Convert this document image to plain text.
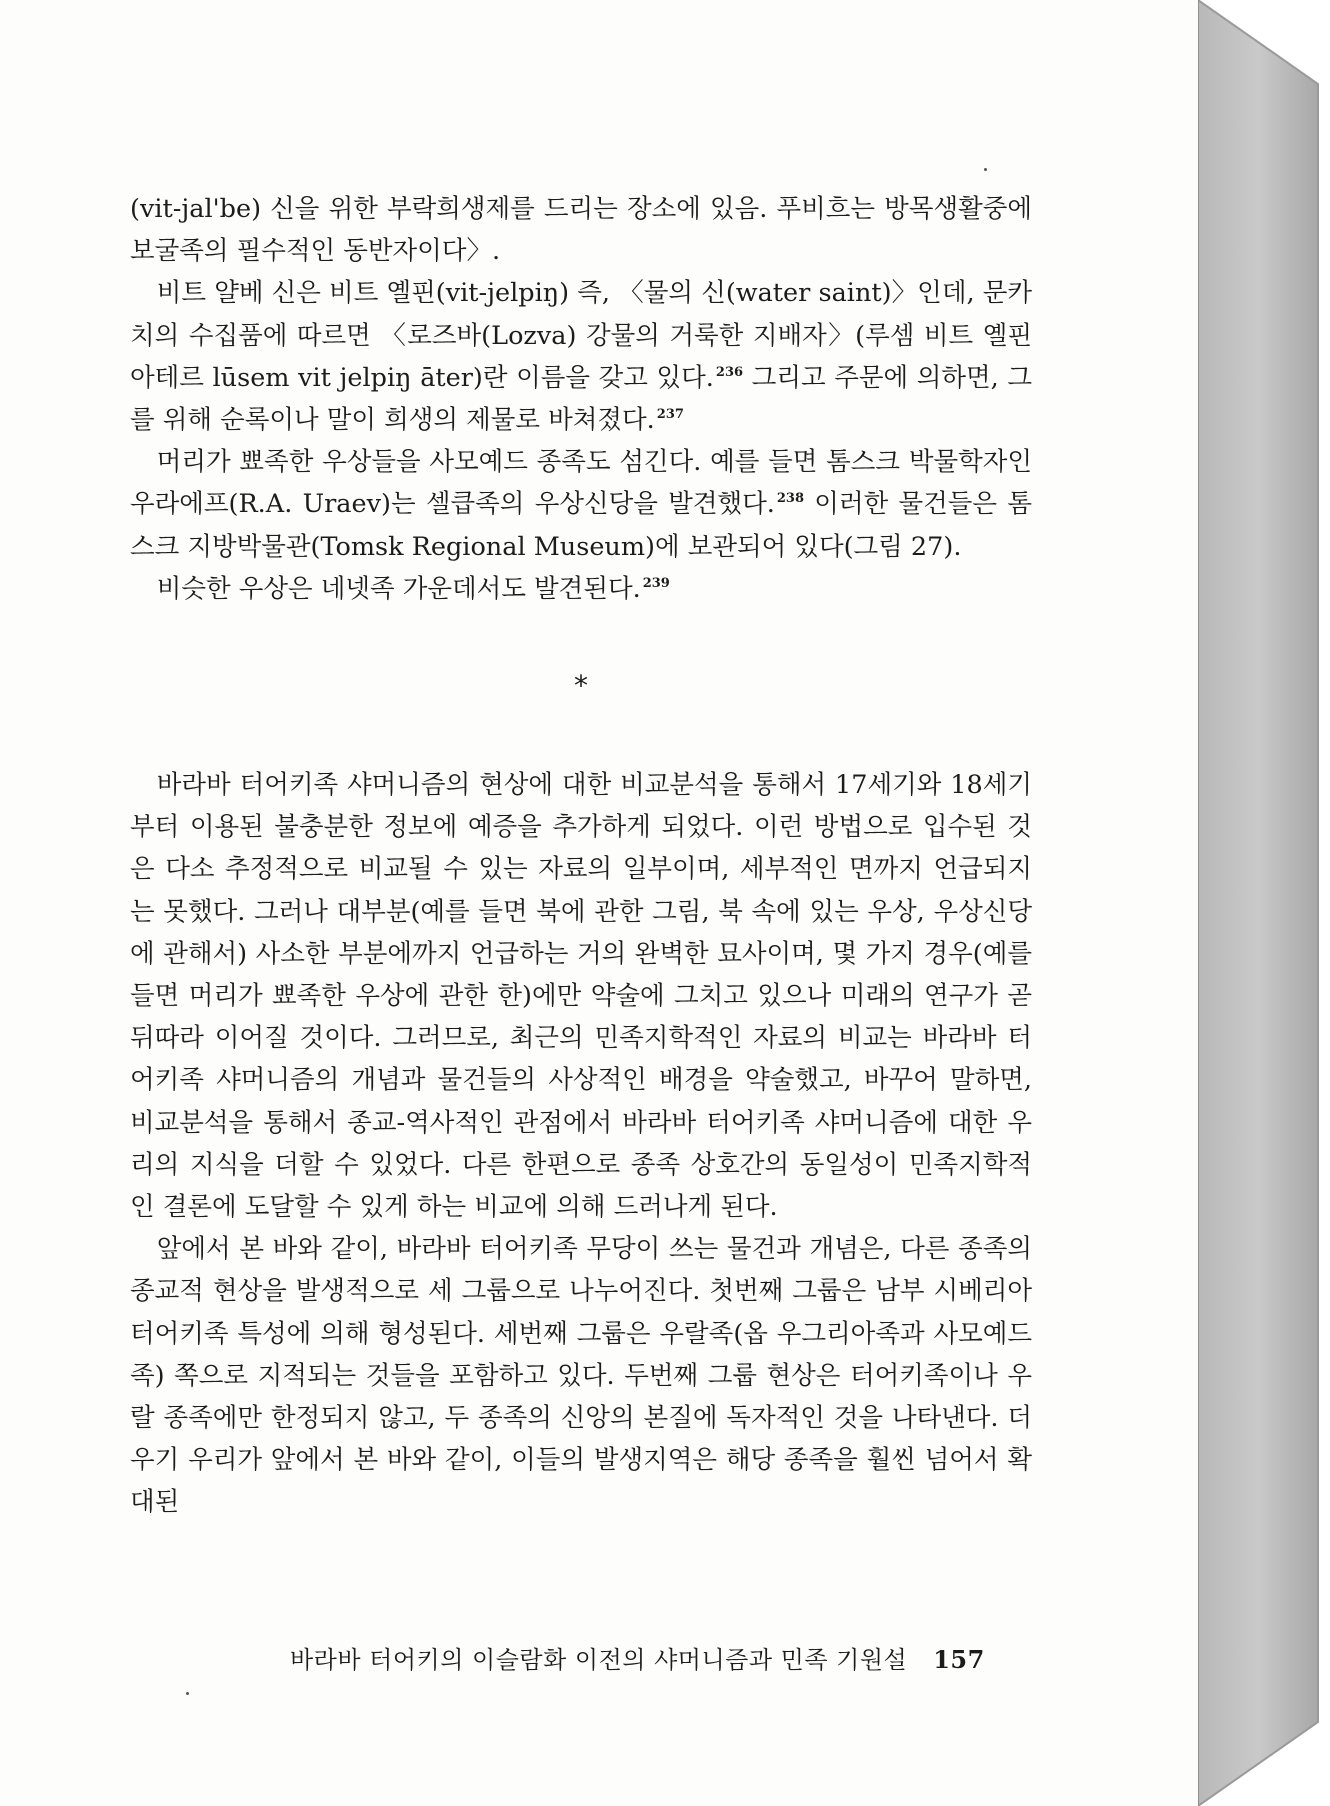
(vit-jal'be) 신을 위한 부락희생제를 드리는 장소에 있음. 푸비흐는 방목생활중에 보굴족의 필수적인 동반자이다〉.

비트 얄베 신은 비트 옐핀(vit-jelpiŋ) 즉, 〈물의 신(water saint)〉인데, 문카치의 수집품에 따르면 〈로즈바(Lozva) 강물의 거룩한 지배자〉(루셈 비트 옐핀 아테르 lūsem vit jelpiŋ āter)란 이름을 갖고 있다. $^{236}$ 그리고 주문에 의하면, 그를 위해 순록이나 말이 희생의 제물로 바쳐졌다. $^{237}$

머리가 뾰족한 우상들을 사모예드 종족도 섬긴다. 예를 들면 톰스크 박물학자인 우라에프(R.A. Uraev)는 셀큽족의 우상신당을 발견했다. $^{238}$ 이러한 물건들은 톰스크 지방박물관(Tomsk Regional Museum)에 보관되어 있다(그림 27).

비슷한 우상은 네넷족 가운데서도 발견된다. $^{239}$

*

바라바 터어키족 샤머니즘의 현상에 대한 비교분석을 통해서 17세기와 18세기부터 이용된 불충분한 정보에 예증을 추가하게 되었다. 이런 방법으로 입수된 것은 다소 추정적으로 비교될 수 있는 자료의 일부이며, 세부적인 면까지 언급되지는 못했다. 그러나 대부분(예를 들면 북에 관한 그림, 북 속에 있는 우상, 우상신당에 관해서) 사소한 부분에까지 언급하는 거의 완벽한 묘사이며, 몇 가지 경우(예를 들면 머리가 뾰족한 우상에 관한 한)에만 약술에 그치고 있으나 미래의 연구가 곧 뒤따라 이어질 것이다. 그러므로, 최근의 민족지학적인 자료의 비교는 바라바 터어키족 샤머니즘의 개념과 물건들의 사상적인 배경을 약술했고, 바꾸어 말하면, 비교분석을 통해서 종교-역사적인 관점에서 바라바 터어키족 샤머니즘에 대한 우리의 지식을 더할 수 있었다. 다른 한편으로 종족 상호간의 동일성이 민족지학적인 결론에 도달할 수 있게 하는 비교에 의해 드러나게 된다.

앞에서 본 바와 같이, 바라바 터어키족 무당이 쓰는 물건과 개념은, 다른 종족의 종교적 현상을 발생적으로 세 그룹으로 나누어진다. 첫번째 그룹은 남부 시베리아 터어키족 특성에 의해 형성된다. 세번째 그룹은 우랄족(옵 우그리아족과 사모예드족) 쪽으로 지적되는 것들을 포함하고 있다. 두번째 그룹 현상은 터어키족이나 우랄 종족에만 한정되지 않고, 두 종족의 신앙의 본질에 독자적인 것을 나타낸다. 더우기 우리가 앞에서 본 바와 같이, 이들의 발생지역은 해당 종족을 훨씬 넘어서 확대된

바라바 터어키의 이슬람화 이전의 샤머니즘과 민족 기원설 157
